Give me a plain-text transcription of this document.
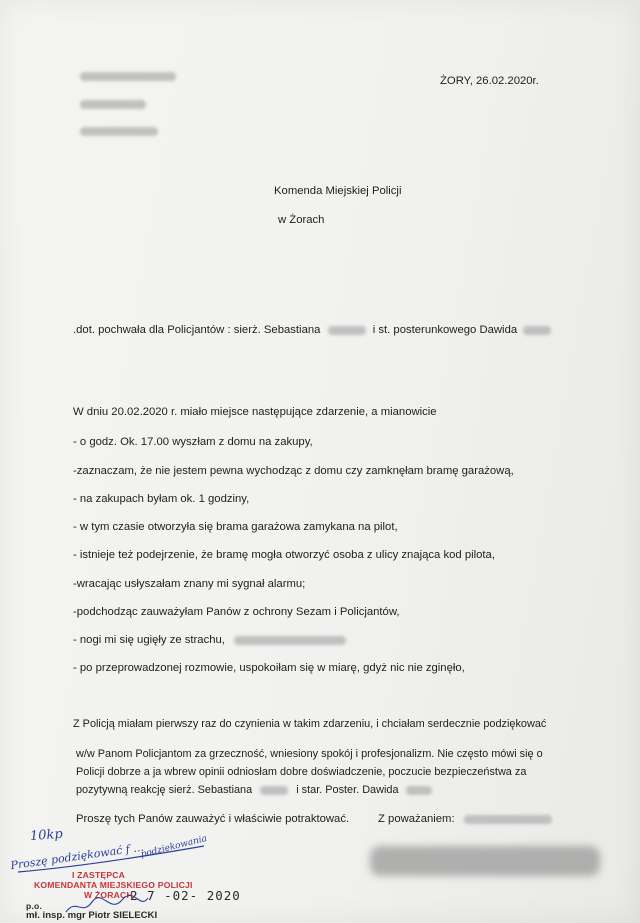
ŻORY, 26.02.2020r.
Komenda Miejskiej Policji
w Żorach
.dot. pochwała dla Policjantów : sierż. Sebastiana	i st. posterunkowego Dawida
W dniu 20.02.2020 r. miało miejsce następujące zdarzenie, a mianowicie
- o godz. Ok. 17.00 wyszłam z domu na zakupy,
-zaznaczam, że nie jestem pewna wychodząc z domu czy zamknęłam bramę garażową,
- na zakupach byłam ok. 1 godziny,
- w tym czasie otworzyła się brama garażowa zamykana na pilot,
- istnieje też podejrzenie, że bramę mogła otworzyć osoba z ulicy znająca kod pilota,
-wracając usłyszałam znany mi sygnał alarmu;
-podchodząc zauważyłam Panów z ochrony Sezam i Policjantów,
- nogi mi się ugięły ze strachu,
- po przeprowadzonej rozmowie, uspokoiłam się w miarę, gdyż nic nie zginęło,
Z Policją miałam pierwszy raz do czynienia w takim zdarzeniu, i chciałam serdecznie podziękować
w/w Panom Policjantom za grzeczność, wniesiony spokój i profesjonalizm. Nie często mówi się o
Policji dobrze a ja wbrew opinii odniosłam dobre doświadczenie, poczucie bezpieczeństwa za
pozytywną reakcję sierż. Sebastiana	i star. Poster. Dawida
Proszę tych Panów zauważyć i właściwie potraktować.	Z poważaniem:
10kp
Proszę podziękować f ...
podziękowania
I ZASTĘPCA
KOMENDANTA MIEJSKIEGO POLICJI
W ŻORACH
p.o.
2 7 -02- 2020
mł. insp. mgr Piotr SIELECKI
